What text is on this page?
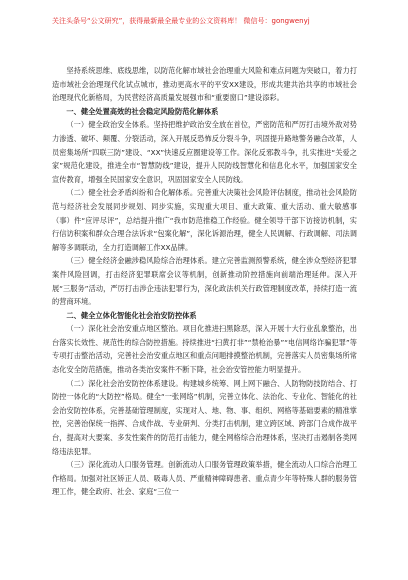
关注头条号“公文研究”，获得最新最全最专业的公文资料库！ 微信号：gongwenyj

坚持系统思维、底线思维，以防范化解市域社会治理重大风险和难点问题为突破口，着力打造市域社会治理现代化试点城市，推动更高水平的平安XX建设，形成共建共治共享的市域社会治理现代化新格局，为民营经济高质量发展强市和“重要窗口”建设添彩。

一、健全处置高效的社会稳定风险防范化解体系

（一）健全政治安全体系。坚持把维护政治安全放在首位，严密防范和严厉打击境外敌对势力渗透、破坏、颠覆、分裂活动，深入开展反恐怖反分裂斗争，巩固提升路地警务融合改革，人员密集场所“四联三防”建设、“XX”快速反应圈建设等工作。深化反邪教斗争，扎实推进“关爱之家”规范化建设，推进全市“智慧防线”建设，提升人民防线智慧化和信息化水平，加强国家安全宣传教育，增强全民国家安全意识，巩固国家安全人民防线。

（二）健全社会矛盾纠纷和合化解体系。完善重大决策社会风险评估制度，推动社会风险防范与经济社会发展同步规划、同步实施，实现重大项目、重大政策、重大活动、重大敏感事（事）件“应评尽评”，总结提升推广“我市防范推稳工作经验。健全领导干部下访接访机制，实行信访积案和群众合理合法诉求“包案化解”，深化诉源治理，健全人民调解、行政调解、司法调解等多调联动，全力打造调解工作XX品牌。

（三）健全经济金融涉稳风险综合治理体系。建立完善监测预警系统，健全涉众型经济犯罪案件风险回调，打击经济犯罪联席会议等机制，创新推动阶控措施向前端治理延伸。深入开展“三服务”活动，严厉打击涉企违法犯罪行为，深化政法机关行政管理制度改革，持续打造一流的营商环境。

二、健全立体化智能化社会治安防控体系

（一）深化社会治安重点地区整治。项目化推进扫黑除恶，深入开展十大行业乱象整治，出台落实长效性、规范性的综合防控措施。持续推进“扫黄打非”“禁枪治暴”“电信网络诈骗犯罪”等专项打击整治活动，完善社会治安重点地区和重点问题排摸整治机制，完善落实人员密集场所常态化安全防范措施，推动各类治安案件不断下降，社会治安管控能力明显提升。

（二）深化社会治安防控体系建设。构建城乡统筹、网上网下融合、人防物防技防结合、打防控一体化的“大防控”格局。健全“一张网络”机制，完善立体化、法治化、专业化、智能化的社会治安防控体系，完善基础管理制度，实现对人、地、物、事、组织、网格等基础要素的精准掌控，完善治保统一指挥、合成作战、专业研判、分类打击机制，建立跨区域、跨部门合成作战平台，提高对大要案、多发性案件的防范打击能力，健全网格综合治理体系，坚决打击遏制各类网络违法犯罪。

（三）深化流动人口服务管理。创新流动人口服务管理政策举措，健全流动人口综合治理工作格局。加强对社区矫正人员、吸毒人员、严重精神障碍患者、重点青少年等特殊人群的服务管理工作，健全政府、社会、家庭“三位一
